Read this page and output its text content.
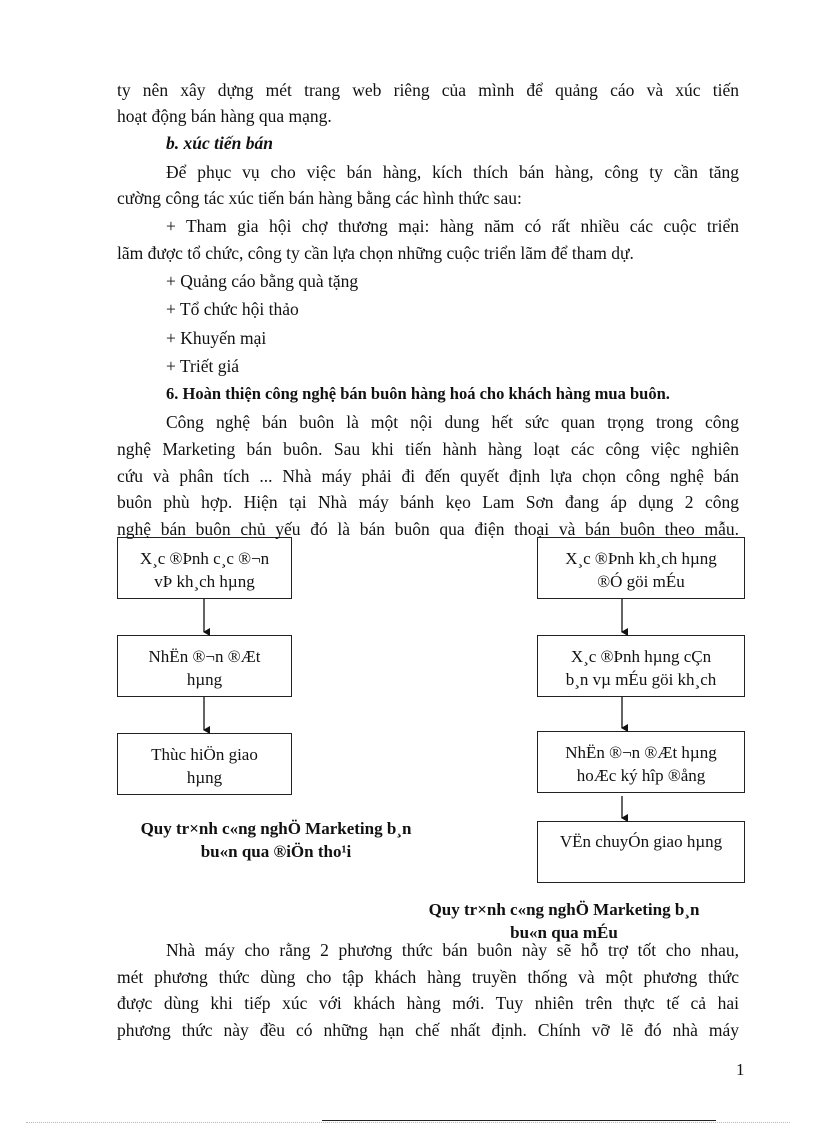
ty nên xây dựng mét trang web riêng của mình để quảng cáo và xúc tiến

hoạt động bán hàng qua mạng.

b. xúc tiến bán

Để phục vụ cho việc bán hàng, kích thích bán hàng, công ty cần tăng

cường công tác xúc tiến bán hàng bằng các hình thức sau:

+ Tham gia hội chợ thương mại: hàng năm có rất nhiều các cuộc triển

lãm được tổ chức, công ty cần lựa chọn những cuộc triển lãm để tham dự.

+ Quảng cáo bằng quà tặng

+ Tổ chức hội thảo

+ Khuyến mại

+ Triết giá

6. Hoàn thiện công nghệ bán buôn hàng hoá cho khách hàng mua buôn.

Công nghệ bán buôn là một nội dung hết sức quan trọng trong công

nghệ Marketing bán buôn. Sau khi tiến hành hàng loạt các công việc nghiên

cứu và phân tích ... Nhà máy phải đi đến quyết định lựa chọn công nghệ bán

buôn phù hợp. Hiện tại Nhà máy bánh kẹo Lam Sơn đang áp dụng 2 công

nghệ bán buôn chủ yếu đó là bán buôn qua điện thoại và bán buôn theo mẫu.

X¸c ®Þnh c¸c ®¬n
vÞ kh¸ch hµng
NhËn ®¬n ®Æt
hµng
Thùc hiÖn giao
hµng
Quy tr×nh c«ng nghÖ Marketing b¸n
bu«n qua ®iÖn tho¹i
X¸c ®Þnh kh¸ch hµng
®Ó göi mÉu
X¸c ®Þnh hµng cÇn
b¸n vµ mÉu göi kh¸ch
NhËn ®¬n ®Æt hµng
hoÆc ký hîp ®ång
VËn chuyÓn giao hµng
Quy tr×nh c«ng nghÖ Marketing b¸n
bu«n qua mÉu

Nhà máy cho rằng 2 phương thức bán buôn này sẽ hỗ trợ tốt cho nhau,

mét phương thức dùng cho tập khách hàng truyền thống và một phương thức

được dùng khi tiếp xúc với khách hàng mới. Tuy nhiên trên thực tế cả hai

phương thức này đều có những hạn chế nhất định. Chính vỡ lẽ đó nhà máy

1
